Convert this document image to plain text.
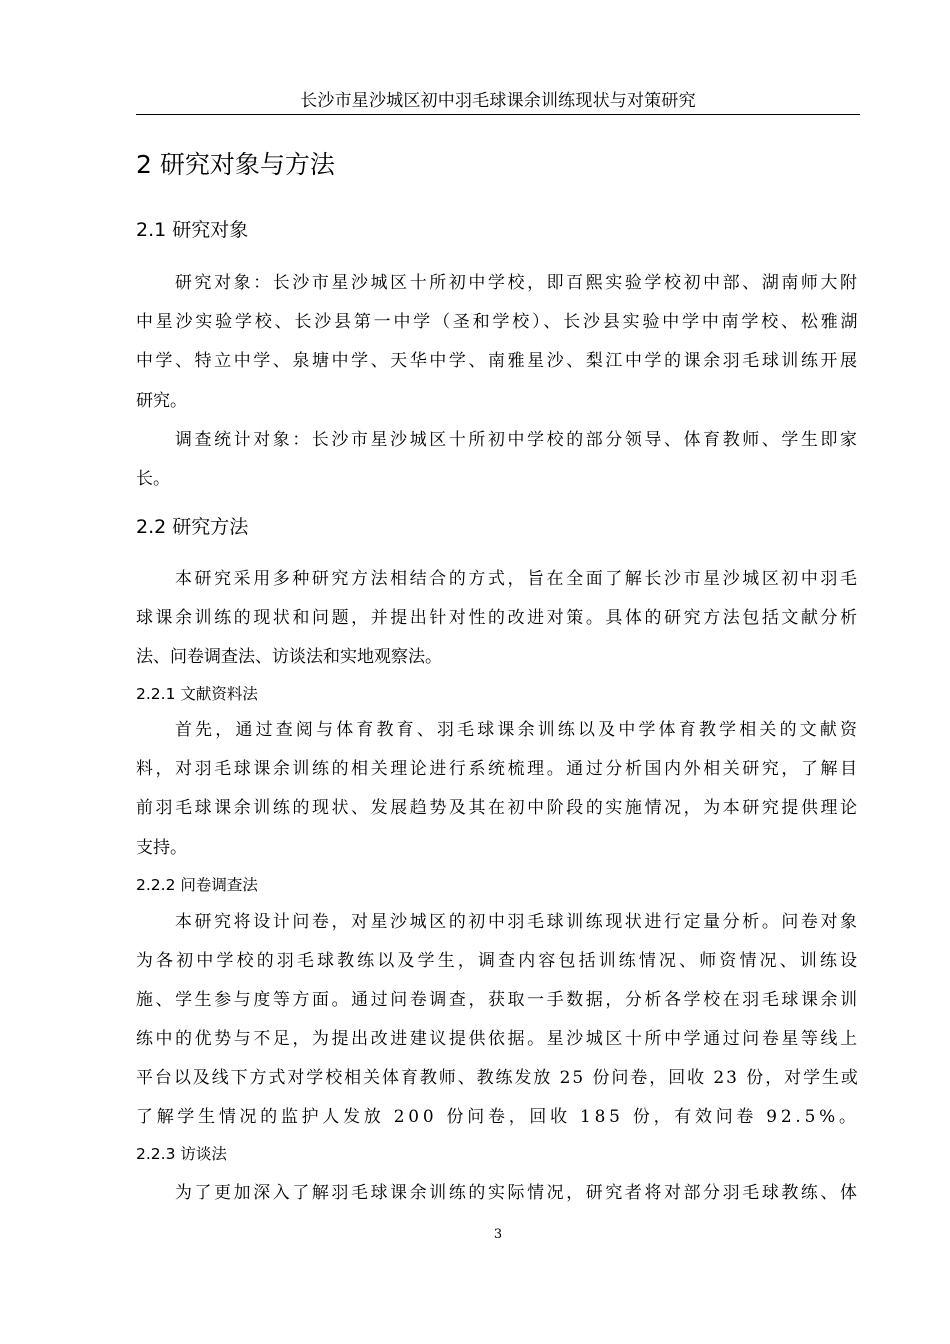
长沙市星沙城区初中羽毛球课余训练现状与对策研究
2 研究对象与方法
2.1 研究对象
研究对象：长沙市星沙城区十所初中学校，即百熙实验学校初中部、湖南师大附
中星沙实验学校、长沙县第一中学（圣和学校）、长沙县实验中学中南学校、松雅湖
中学、特立中学、泉塘中学、天华中学、南雅星沙、梨江中学的课余羽毛球训练开展
研究。
调查统计对象：长沙市星沙城区十所初中学校的部分领导、体育教师、学生即家
长。
2.2 研究方法
本研究采用多种研究方法相结合的方式，旨在全面了解长沙市星沙城区初中羽毛
球课余训练的现状和问题，并提出针对性的改进对策。具体的研究方法包括文献分析
法、问卷调查法、访谈法和实地观察法。
2.2.1 文献资料法
首先，通过查阅与体育教育、羽毛球课余训练以及中学体育教学相关的文献资
料，对羽毛球课余训练的相关理论进行系统梳理。通过分析国内外相关研究，了解目
前羽毛球课余训练的现状、发展趋势及其在初中阶段的实施情况，为本研究提供理论
支持。
2.2.2 问卷调查法
本研究将设计问卷，对星沙城区的初中羽毛球训练现状进行定量分析。问卷对象
为各初中学校的羽毛球教练以及学生，调查内容包括训练情况、师资情况、训练设
施、学生参与度等方面。通过问卷调查，获取一手数据，分析各学校在羽毛球课余训
练中的优势与不足，为提出改进建议提供依据。星沙城区十所中学通过问卷星等线上
平台以及线下方式对学校相关体育教师、教练发放 25 份问卷，回收 23 份，对学生或
了解学生情况的监护人发放 200 份问卷，回收 185 份，有效问卷 92.5%。
2.2.3 访谈法
为了更加深入了解羽毛球课余训练的实际情况，研究者将对部分羽毛球教练、体
3
